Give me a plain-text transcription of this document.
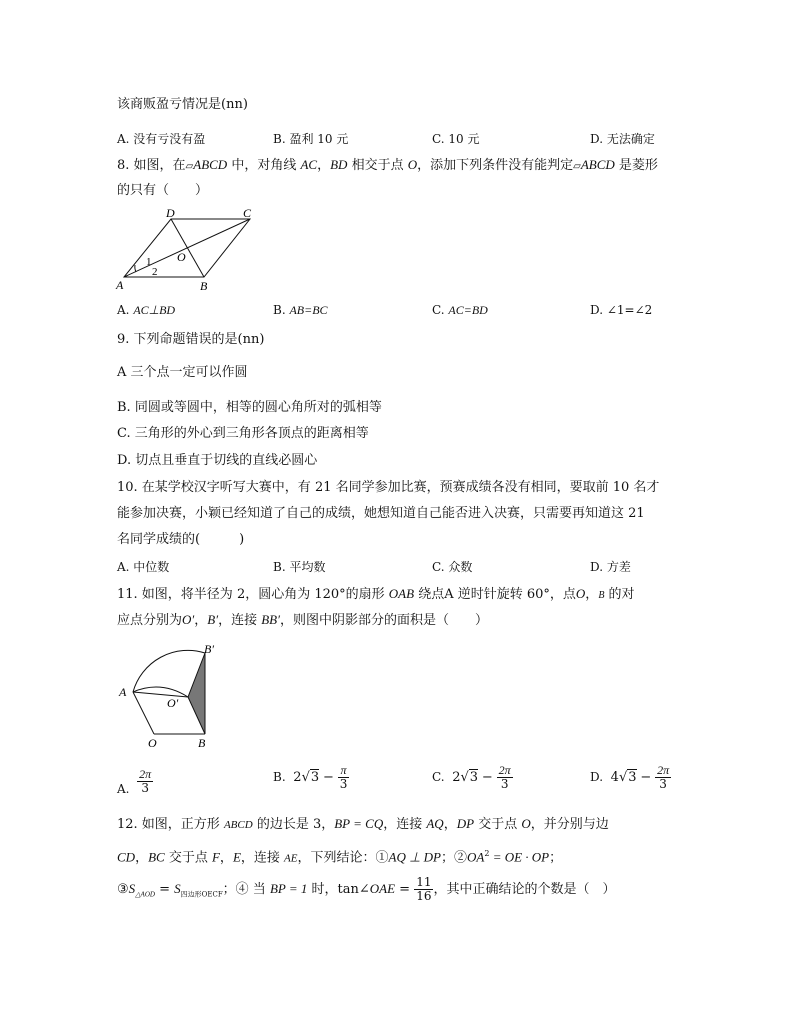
该商贩盈亏情况是(nn)
A. 没有亏没有盈	B. 盈利 10 元	C. 10 元	D. 无法确定
8. 如图，在▱ABCD 中，对角线 AC，BD 相交于点 O，添加下列条件没有能判定▱ABCD 是菱形
的只有（　　）
D	C
O
A	B
1
2
A. AC⊥BD	B. AB=BC	C. AC=BD	D. ∠1=∠2
9. 下列命题错误的是(nn)
A 三个点一定可以作圆
B. 同圆或等圆中，相等的圆心角所对的弧相等
C. 三角形的外心到三角形各顶点的距离相等
D. 切点且垂直于切线的直线必圆心
10. 在某学校汉字听写大赛中，有 21 名同学参加比赛，预赛成绩各没有相同，要取前 10 名才
能参加决赛，小颖已经知道了自己的成绩，她想知道自己能否进入决赛，只需要再知道这 21
名同学成绩的(　　　)
A. 中位数	B. 平均数	C. 众数	D. 方差
11. 如图，将半径为 2，圆心角为 120°的扇形 OAB 绕点A 逆时针旋转 60°，点O，B 的对
应点分别为O′，B′，连接 BB′，则图中阴影部分的面积是（　　）
B′
A
O′
O	B
A. $\frac{2\pi}{3}$	B. $2√3 - \frac{\pi}{3}$	C. $2√3 - \frac{2\pi}{3}$	D. $4√3 - \frac{2\pi}{3}$
12. 如图，正方形 ABCD 的边长是 3，BP = CQ，连接 AQ，DP 交于点 O，并分别与边
CD，BC 交于点 F，E，连接 AE，下列结论：①AQ ⊥ DP；$②OA^2$ = OE · OP；
$③S_{\triangle AOD} = S_{四边形OECF}$；④ 当 BP = 1 时，tan∠OAE = $\frac{11}{16}$ ，其中正确结论的个数是（　）
